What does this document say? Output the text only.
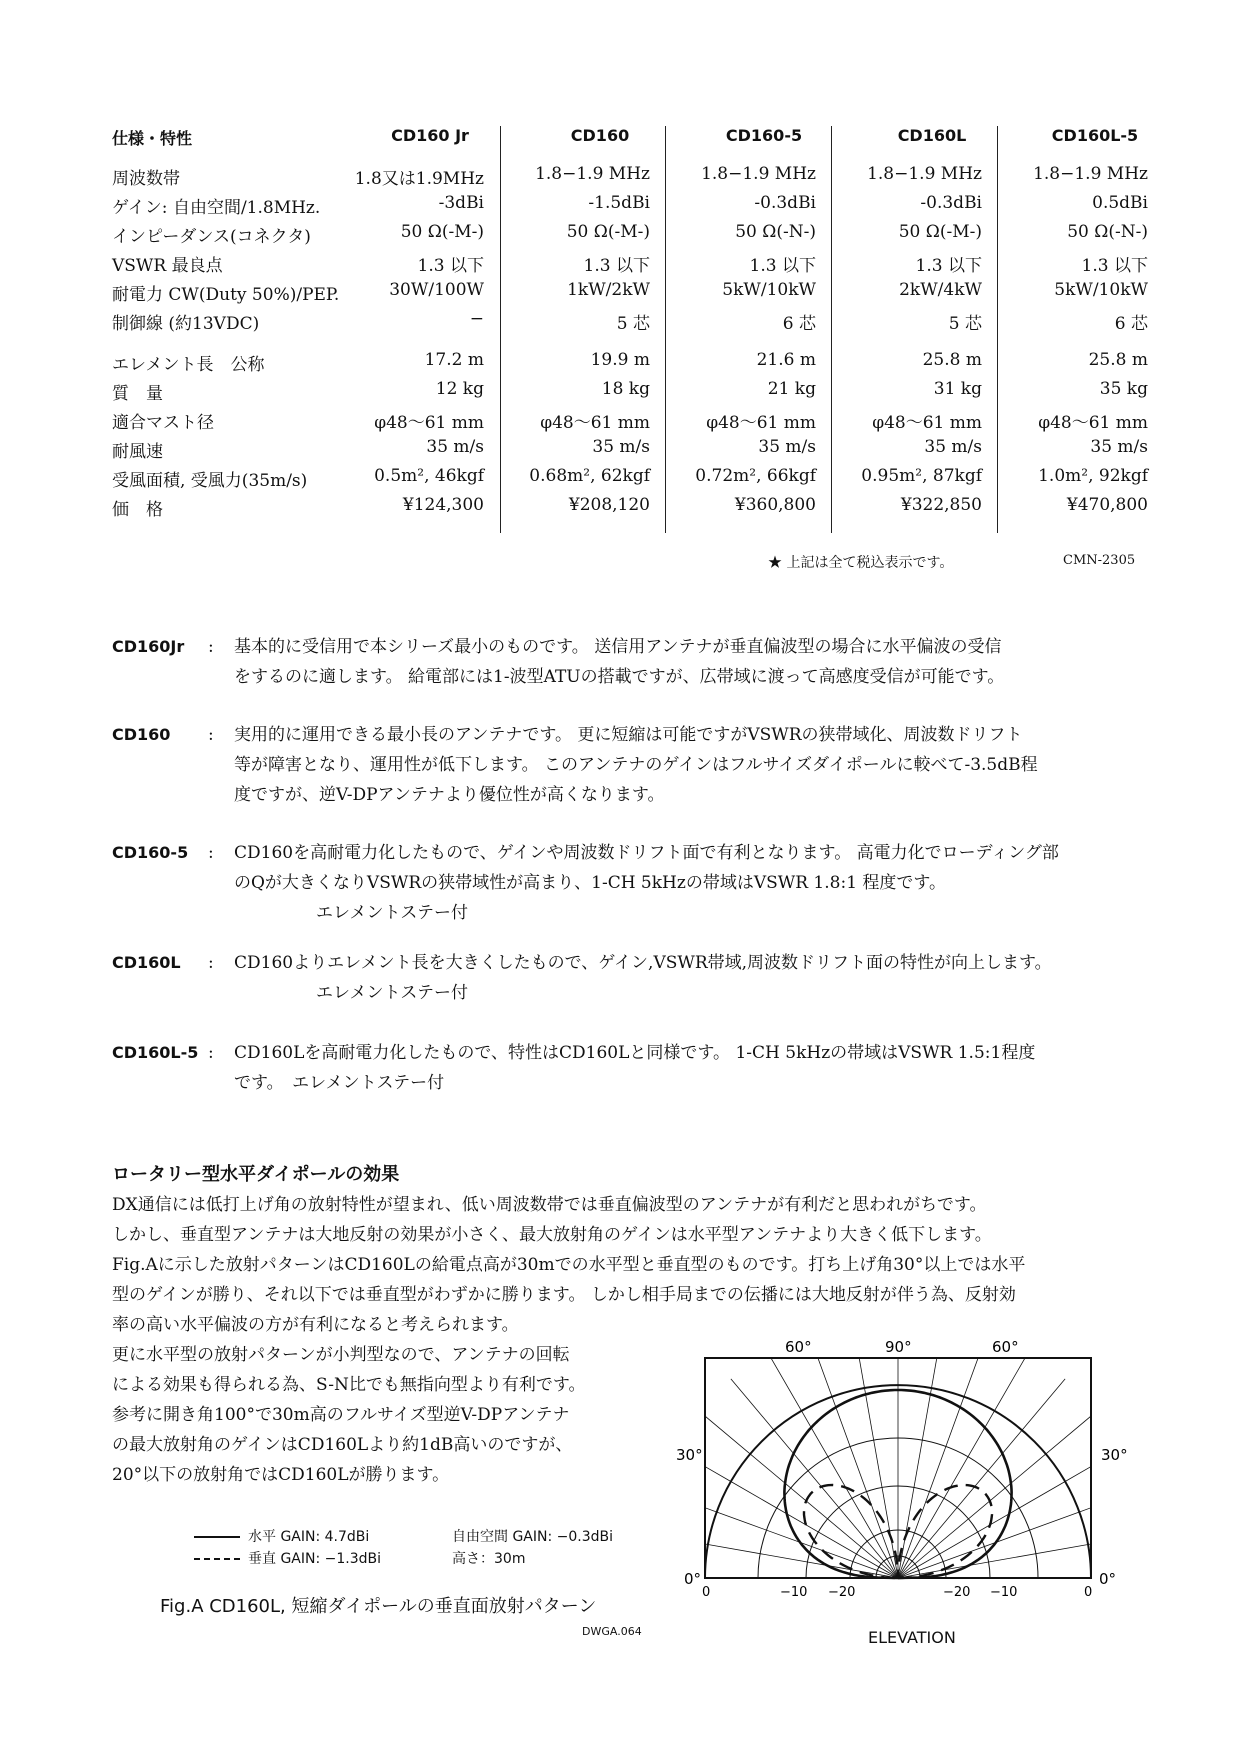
仕様・特性	CD160 Jr	CD160	CD160-5	CD160L	CD160L-5
周波数帯	1.8又は1.9MHz	1.8−1.9 MHz	1.8−1.9 MHz	1.8−1.9 MHz	1.8−1.9 MHz
ゲイン: 自由空間/1.8MHz.	-3dBi	-1.5dBi	-0.3dBi	-0.3dBi	0.5dBi
インピーダンス(コネクタ)	50 Ω(-M-)	50 Ω(-M-)	50 Ω(-N-)	50 Ω(-M-)	50 Ω(-N-)
VSWR 最良点	1.3 以下	1.3 以下	1.3 以下	1.3 以下	1.3 以下
耐電力 CW(Duty 50%)/PEP.	30W/100W	1kW/2kW	5kW/10kW	2kW/4kW	5kW/10kW
制御線 (約13VDC)	−	5 芯	6 芯	5 芯	6 芯
エレメント長　公称	17.2 m	19.9 m	21.6 m	25.8 m	25.8 m
質　量	12 kg	18 kg	21 kg	31 kg	35 kg
適合マスト径	φ48〜61 mm	φ48〜61 mm	φ48〜61 mm	φ48〜61 mm	φ48〜61 mm
耐風速	35 m/s	35 m/s	35 m/s	35 m/s	35 m/s
受風面積, 受風力(35m/s)	0.5m², 46kgf	0.68m², 62kgf	0.72m², 66kgf	0.95m², 87kgf	1.0m², 92kgf
価　格	¥124,300	¥208,120	¥360,800	¥322,850	¥470,800
★ 上記は全て税込表示です。	CMN-2305
CD160Jr : 基本的に受信用で本シリーズ最小のものです。 送信用アンテナが垂直偏波型の場合に水平偏波の受信
をするのに適します。 給電部には1-波型ATUの搭載ですが、広帯域に渡って高感度受信が可能です。
CD160 : 実用的に運用できる最小長のアンテナです。 更に短縮は可能ですがVSWRの狭帯域化、周波数ドリフト
等が障害となり、運用性が低下します。 このアンテナのゲインはフルサイズダイポールに較べて-3.5dB程
度ですが、逆V-DPアンテナより優位性が高くなります。
CD160-5 : CD160を高耐電力化したもので、ゲインや周波数ドリフト面で有利となります。 高電力化でローディング部
のQが大きくなりVSWRの狭帯域性が高まり、1-CH 5kHzの帯域はVSWR 1.8:1 程度です。
エレメントステー付
CD160L : CD160よりエレメント長を大きくしたもので、ゲイン,VSWR帯域,周波数ドリフト面の特性が向上します。
エレメントステー付
CD160L-5 : CD160Lを高耐電力化したもので、特性はCD160Lと同様です。 1-CH 5kHzの帯域はVSWR 1.5:1程度
です。　エレメントステー付
ロータリー型水平ダイポールの効果
DX通信には低打上げ角の放射特性が望まれ、低い周波数帯では垂直偏波型のアンテナが有利だと思われがちです。
しかし、垂直型アンテナは大地反射の効果が小さく、最大放射角のゲインは水平型アンテナより大きく低下します。
Fig.Aに示した放射パターンはCD160Lの給電点高が30mでの水平型と垂直型のものです。打ち上げ角30°以上では水平
型のゲインが勝り、それ以下では垂直型がわずかに勝ります。 しかし相手局までの伝播には大地反射が伴う為、反射効
率の高い水平偏波の方が有利になると考えられます。
更に水平型の放射パターンが小判型なので、アンテナの回転
による効果も得られる為、S-N比でも無指向型より有利です。
参考に開き角100°で30m高のフルサイズ型逆V-DPアンテナ
の最大放射角のゲインはCD160Lより約1dB高いのですが、
20°以下の放射角ではCD160Lが勝ります。
水平 GAIN: 4.7dBi	自由空間 GAIN: −0.3dBi
垂直 GAIN: −1.3dBi	高さ：30m
Fig.A CD160L, 短縮ダイポールの垂直面放射パターン
DWGA.064
60°	90°	60°
30°	30°
0°	0°
0	−10 −20	−20 −10	0
ELEVATION
